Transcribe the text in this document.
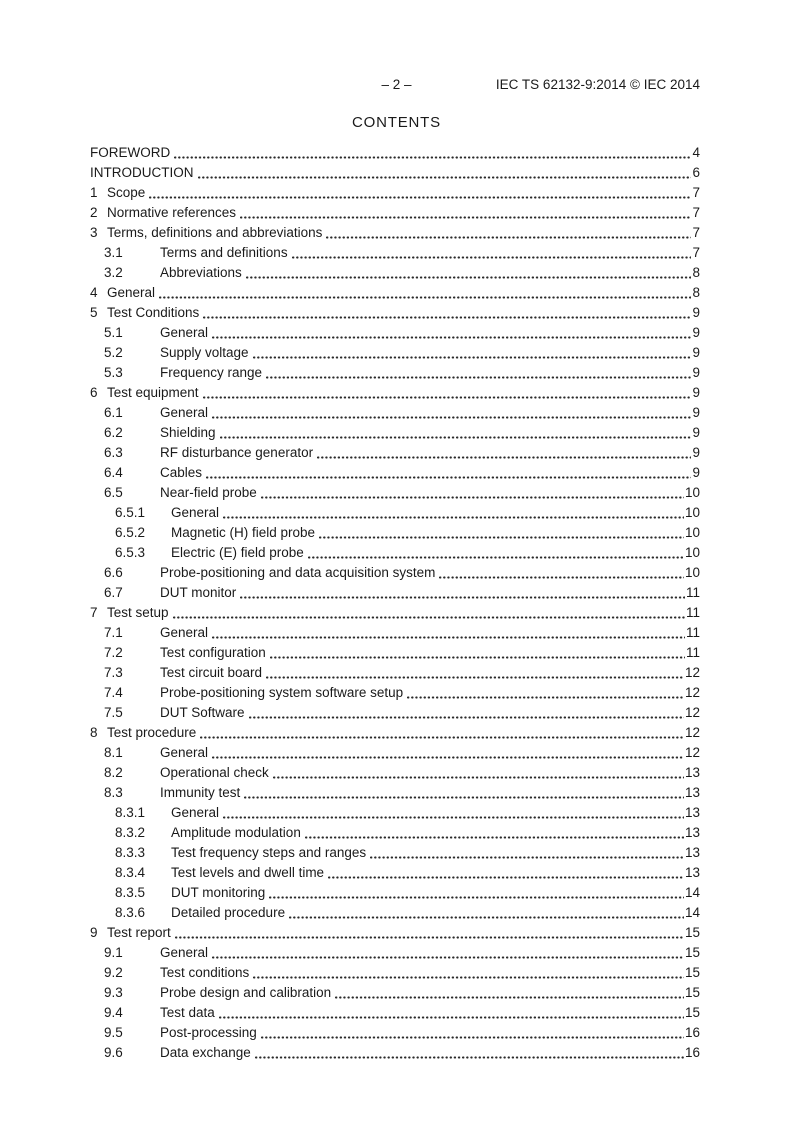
– 2 –	IEC TS 62132-9:2014 © IEC 2014
CONTENTS
FOREWORD	4
INTRODUCTION	6
1 Scope	7
2 Normative references	7
3 Terms, definitions and abbreviations	7
3.1	Terms and definitions	7
3.2	Abbreviations	8
4 General	8
5 Test Conditions	9
5.1	General	9
5.2	Supply voltage	9
5.3	Frequency range	9
6 Test equipment	9
6.1	General	9
6.2	Shielding	9
6.3	RF disturbance generator	9
6.4	Cables	9
6.5	Near-field probe	10
6.5.1	General	10
6.5.2	Magnetic (H) field probe	10
6.5.3	Electric (E) field probe	10
6.6	Probe-positioning and data acquisition system	10
6.7	DUT monitor	11
7 Test setup	11
7.1	General	11
7.2	Test configuration	11
7.3	Test circuit board	12
7.4	Probe-positioning system software setup	12
7.5	DUT Software	12
8 Test procedure	12
8.1	General	12
8.2	Operational check	13
8.3	Immunity test	13
8.3.1	General	13
8.3.2	Amplitude modulation	13
8.3.3	Test frequency steps and ranges	13
8.3.4	Test levels and dwell time	13
8.3.5	DUT monitoring	14
8.3.6	Detailed procedure	14
9 Test report	15
9.1	General	15
9.2	Test conditions	15
9.3	Probe design and calibration	15
9.4	Test data	15
9.5	Post-processing	16
9.6	Data exchange	16
